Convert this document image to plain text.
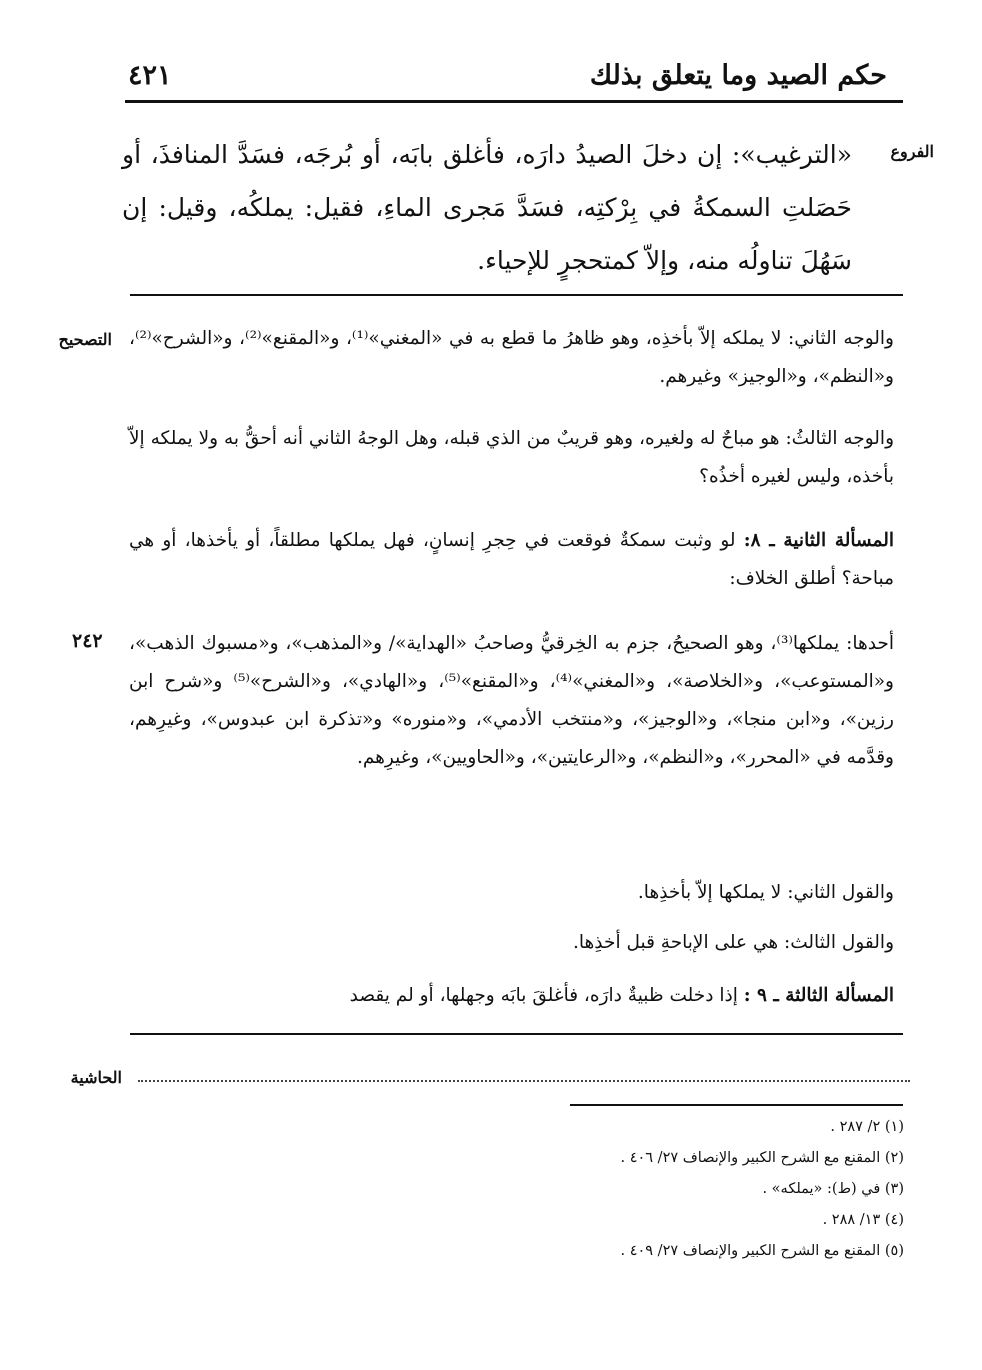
حكم الصيد وما يتعلق بذلك
٤٢١
الفروع
«الترغيب»: إن دخلَ الصيدُ دارَه، فأغلق بابَه، أو بُرجَه، فسَدَّ المنافذَ، أو حَصَلتِ السمكةُ في بِرْكتِه، فسَدَّ مَجرى الماءِ، فقيل: يملكُه، وقيل: إن سَهُلَ تناولُه منه، وإلاّ كمتحجرٍ للإحياء.
التصحيح والوجه الثاني: لا يملكه إلاّ بأخذِه، وهو ظاهرُ ما قطع به في «المغني»⁽¹⁾، و«المقنع»⁽²⁾، و«الشرح»⁽²⁾، و«النظم»، و«الوجيز» وغيرهم.
والوجه الثالثُ: هو مباحٌ له ولغيره، وهو قريبٌ من الذي قبله، وهل الوجهُ الثاني أنه أحقُّ به ولا يملكه إلاّ بأخذه، وليس لغيره أخذُه؟
المسألة الثانية ـ ٨: لو وثبت سمكةٌ فوقعت في حِجرِ إنسانٍ، فهل يملكها مطلقاً، أو يأخذها، أو هي مباحة؟ أطلق الخلاف:
٢٤٢ أحدها: يملكها⁽³⁾، وهو الصحيحُ، جزم به الخِرقيُّ وصاحبُ «الهداية»/ و«المذهب»، و«مسبوك الذهب»، و«المستوعب»، و«الخلاصة»، و«المغني»⁽⁴⁾، و«المقنع»⁽⁵⁾، و«الهادي»، و«الشرح»⁽⁵⁾ و«شرح ابن رزين»، و«ابن منجا»، و«الوجيز»، و«منتخب الأدمي»، و«منوره» و«تذكرة ابن عبدوس»، وغيرِهم، وقدَّمه في «المحرر»، و«النظم»، و«الرعايتين»، و«الحاويين»، وغيرِهم.
والقول الثاني: لا يملكها إلاّ بأخذِها.
والقول الثالث: هي على الإباحةِ قبل أخذِها.
المسألة الثالثة ـ ٩ : إذا دخلت ظبيةٌ دارَه، فأغلقَ بابَه وجهلها، أو لم يقصد
الحاشية
(١) ٢/ ٢٨٧ .
(٢) المقنع مع الشرح الكبير والإنصاف ٢٧/ ٤٠٦ .
(٣) في (ط): «يملكه» .
(٤) ١٣/ ٢٨٨ .
(٥) المقنع مع الشرح الكبير والإنصاف ٢٧/ ٤٠٩ .
